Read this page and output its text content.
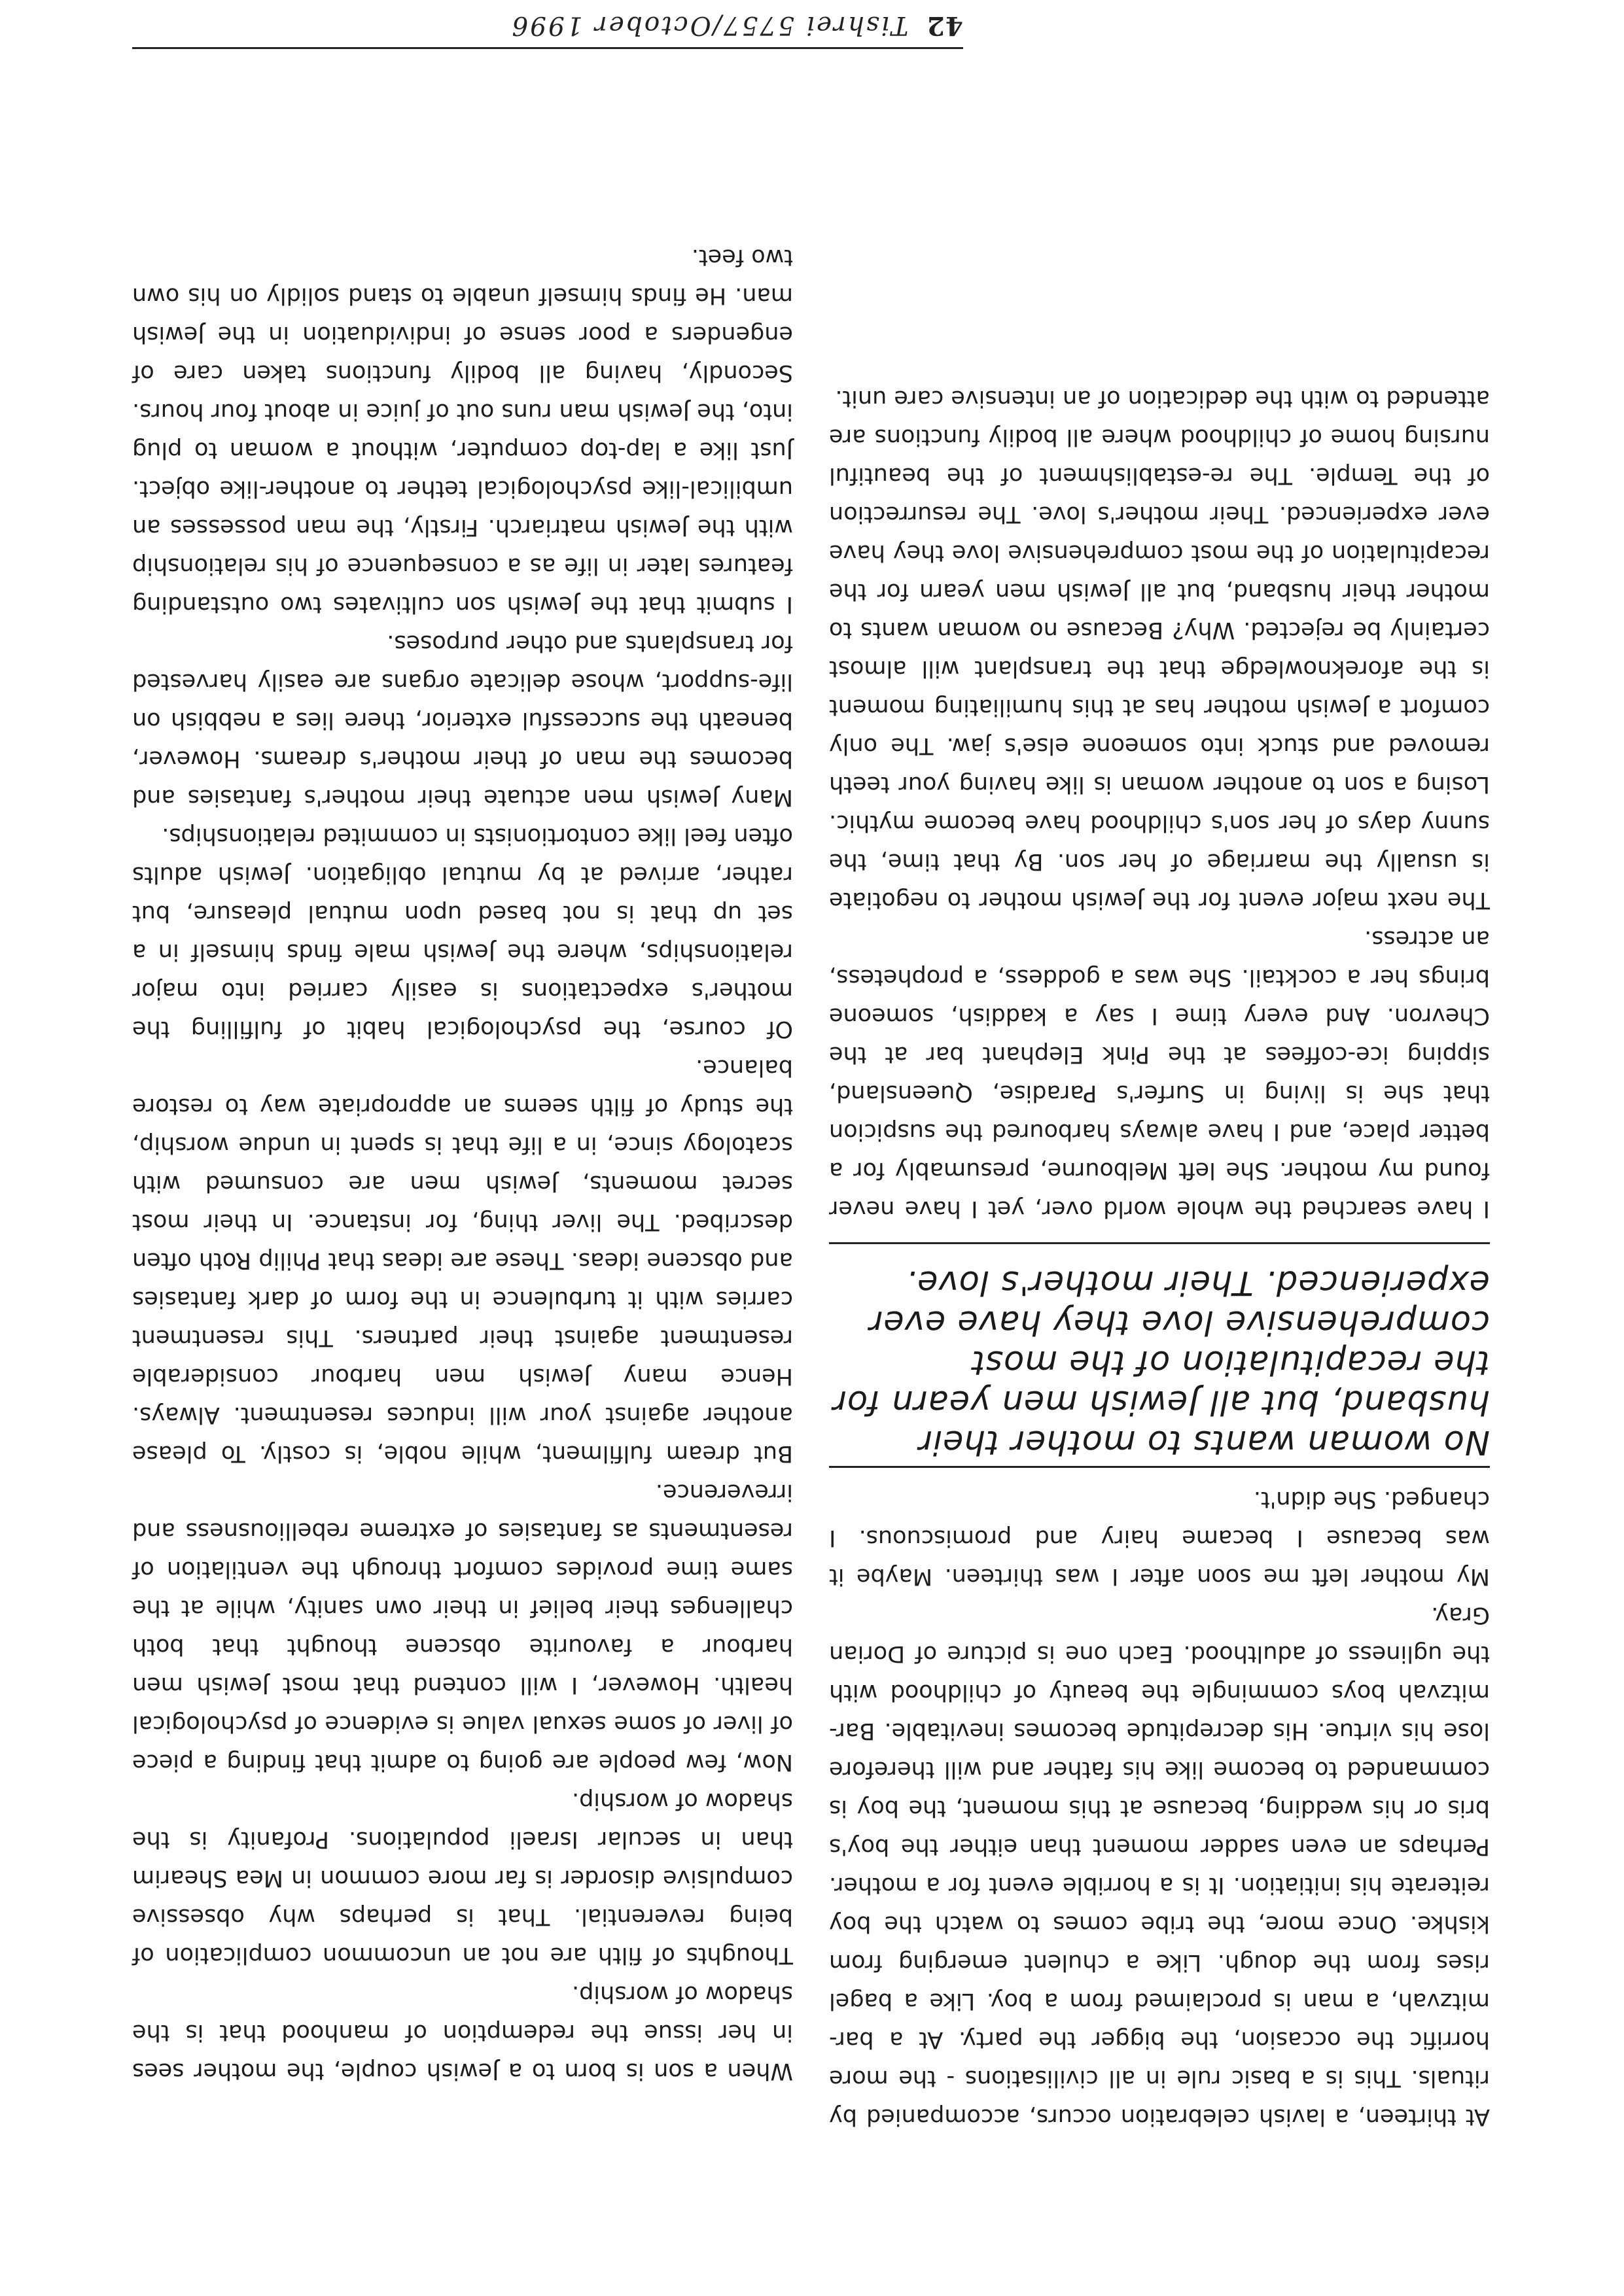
42 Tishrei 5757/October 1996

At thirteen, a lavish celebration occurs, accompanied by rituals. This is a basic rule in all civilisations - the more horrific the occasion, the bigger the party. At a bar-mitzvah, a man is proclaimed from a boy. Like a bagel rises from the dough. Like a chulent emerging from kishke. Once more, the tribe comes to watch the boy reiterate his initiation. It is a horrible event for a mother. Perhaps an even sadder moment than either the boy's bris or his wedding, because at this moment, the boy is commanded to become like his father and will therefore lose his virtue. His decrepitude becomes inevitable. Bar-mitzvah boys commingle the beauty of childhood with the ugliness of adulthood. Each one is picture of Dorian Gray.

My mother left me soon after I was thirteen. Maybe it was because I became hairy and promiscuous. I changed. She didn't.

No woman wants to mother their husband, but all Jewish men yearn for the recapitulation of the most comprehensive love they have ever experienced. Their mother's love.

I have searched the whole world over, yet I have never found my mother. She left Melbourne, presumably for a better place, and I have always harboured the suspicion that she is living in Surfer's Paradise, Queensland, sipping ice-coffees at the Pink Elephant bar at the Chevron. And every time I say a kaddish, someone brings her a cocktail. She was a goddess, a prophetess, an actress.

The next major event for the Jewish mother to negotiate is usually the marriage of her son. By that time, the sunny days of her son's childhood have become mythic. Losing a son to another woman is like having your teeth removed and stuck into someone else's jaw. The only comfort a Jewish mother has at this humiliating moment is the aforeknowledge that the transplant will almost certainly be rejected. Why? Because no woman wants to mother their husband, but all Jewish men yearn for the recapitulation of the most comprehensive love they have ever experienced. Their mother's love. The resurrection of the Temple. The re-establishment of the beautiful nursing home of childhood where all bodily functions are attended to with the dedication of an intensive care unit.

When a son is born to a Jewish couple, the mother sees in her issue the redemption of manhood that is the shadow of worship.

Thoughts of filth are not an uncommon complication of being reverential. That is perhaps why obsessive compulsive disorder is far more common in Mea Shearim than in secular Israeli populations. Profanity is the shadow of worship.

Now, few people are going to admit that finding a piece of liver of some sexual value is evidence of psychological health. However, I will contend that most Jewish men harbour a favourite obscene thought that both challenges their belief in their own sanity, while at the same time provides comfort through the ventilation of resentments as fantasies of extreme rebelliousness and irreverence.

But dream fulfilment, while noble, is costly. To please another against your will induces resentment. Always. Hence many Jewish men harbour considerable resentment against their partners. This resentment carries with it turbulence in the form of dark fantasies and obscene ideas. These are ideas that Philip Roth often described. The liver thing, for instance. In their most secret moments, Jewish men are consumed with scatology since, in a life that is spent in undue worship, the study of filth seems an appropriate way to restore balance.

Of course, the psychological habit of fulfilling the mother's expectations is easily carried into major relationships, where the Jewish male finds himself in a set up that is not based upon mutual pleasure, but rather, arrived at by mutual obligation. Jewish adults often feel like contortionists in commited relationships.

Many Jewish men actuate their mother's fantasies and becomes the man of their mother's dreams. However, beneath the successful exterior, there lies a nebbish on life-support, whose delicate organs are easily harvested for transplants and other purposes.

I submit that the Jewish son cultivates two outstanding features later in life as a consequence of his relationship with the Jewish matriarch. Firstly, the man possesses an umbilical-like psychological tether to another-like object. Just like a lap-top computer, without a woman to plug into, the Jewish man runs out of juice in about four hours. Secondly, having all bodily functions taken care of engenders a poor sense of individuation in the Jewish man. He finds himself unable to stand solidly on his own two feet.
